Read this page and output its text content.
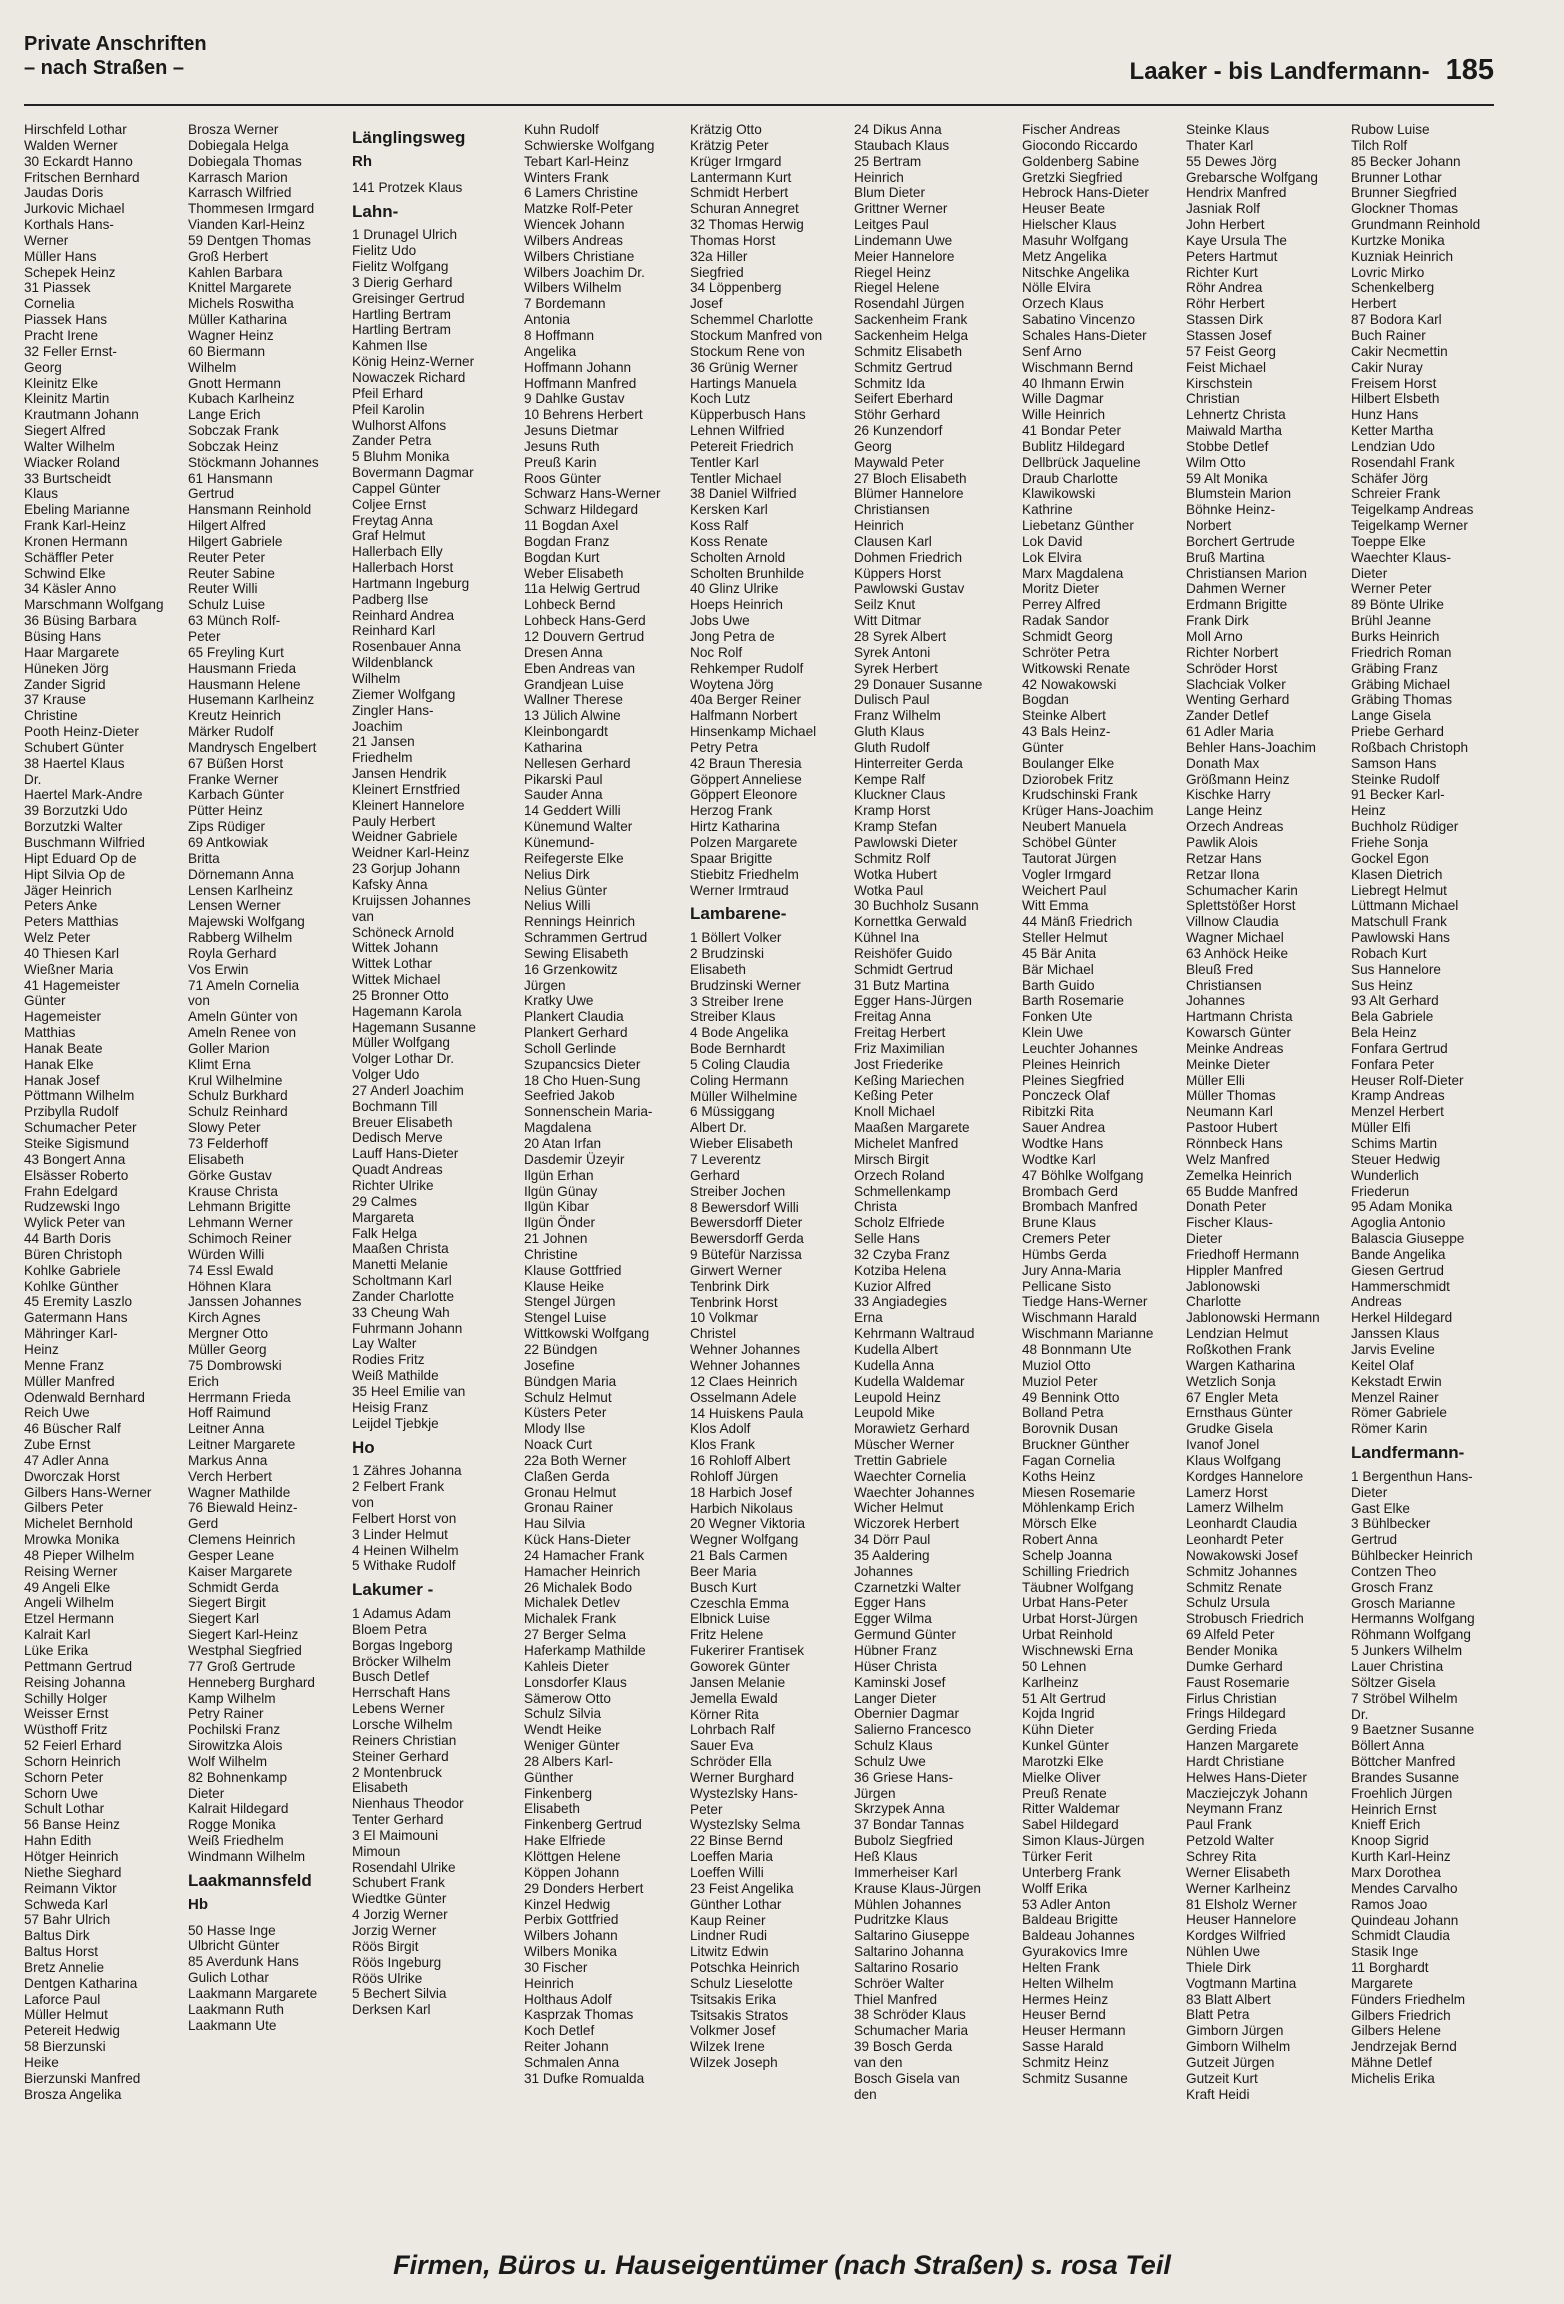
Private Anschriften
– nach Straßen –	Laaker - bis Landfermann- 185
Hirschfeld Lothar
Walden Werner
30 Eckardt Hanno
Fritschen Bernhard
Jaudas Doris
Jurkovic Michael
Korthals Hans-
Werner
Müller Hans
Schepek Heinz
31 Piassek
Cornelia
Piassek Hans
Pracht Irene
32 Feller Ernst-
Georg
Kleinitz Elke
Kleinitz Martin
Krautmann Johann
Siegert Alfred
Walter Wilhelm
Wiacker Roland
33 Burtscheidt
Klaus
Ebeling Marianne
Frank Karl-Heinz
Kronen Hermann
Schäffler Peter
Schwind Elke
34 Käsler Anno
Marschmann Wolfgang
36 Büsing Barbara
Büsing Hans
Haar Margarete
Hüneken Jörg
Zander Sigrid
37 Krause
Christine
Pooth Heinz-Dieter
Schubert Günter
38 Haertel Klaus
Dr.
Haertel Mark-Andre
39 Borzutzki Udo
Borzutzki Walter
Buschmann Wilfried
Hipt Eduard Op de
Hipt Silvia Op de
Jäger Heinrich
Peters Anke
Peters Matthias
Welz Peter
40 Thiesen Karl
Wießner Maria
41 Hagemeister
Günter
Hagemeister
Matthias
Hanak Beate
Hanak Elke
Hanak Josef
Pöttmann Wilhelm
Przibylla Rudolf
Schumacher Peter
Steike Sigismund
43 Bongert Anna
Elsässer Roberto
Frahn Edelgard
Rudzewski Ingo
Wylick Peter van
44 Barth Doris
Büren Christoph
Kohlke Gabriele
Kohlke Günther
45 Eremity Laszlo
Gatermann Hans
Mähringer Karl-
Heinz
Menne Franz
Müller Manfred
Odenwald Bernhard
Reich Uwe
46 Büscher Ralf
Zube Ernst
47 Adler Anna
Dworczak Horst
Gilbers Hans-Werner
Gilbers Peter
Michelet Bernhold
Mrowka Monika
48 Pieper Wilhelm
Reising Werner
49 Angeli Elke
Angeli Wilhelm
Etzel Hermann
Kalrait Karl
Lüke Erika
Pettmann Gertrud
Reising Johanna
Schilly Holger
Weisser Ernst
Wüsthoff Fritz
52 Feierl Erhard
Schorn Heinrich
Schorn Peter
Schorn Uwe
Schult Lothar
56 Banse Heinz
Hahn Edith
Hötger Heinrich
Niethe Sieghard
Reimann Viktor
Schweda Karl
57 Bahr Ulrich
Baltus Dirk
Baltus Horst
Bretz Annelie
Dentgen Katharina
Laforce Paul
Müller Helmut
Petereit Hedwig
58 Bierzunski
Heike
Bierzunski Manfred
Brosza Angelika
Brosza Werner
Dobiegala Helga
Dobiegala Thomas
Karrasch Marion
Karrasch Wilfried
Thommesen Irmgard
Vianden Karl-Heinz
59 Dentgen Thomas
Groß Herbert
Kahlen Barbara
Knittel Margarete
Michels Roswitha
Müller Katharina
Wagner Heinz
60 Biermann
Wilhelm
Gnott Hermann
Kubach Karlheinz
Lange Erich
Sobczak Frank
Sobczak Heinz
Stöckmann Johannes
61 Hansmann
Gertrud
Hansmann Reinhold
Hilgert Alfred
Hilgert Gabriele
Reuter Peter
Reuter Sabine
Reuter Willi
Schulz Luise
63 Münch Rolf-
Peter
65 Freyling Kurt
Hausmann Frieda
Hausmann Helene
Husemann Karlheinz
Kreutz Heinrich
Märker Rudolf
Mandrysch Engelbert
67 Büßen Horst
Franke Werner
Karbach Günter
Pütter Heinz
Zips Rüdiger
69 Antkowiak
Britta
Dörnemann Anna
Lensen Karlheinz
Lensen Werner
Majewski Wolfgang
Rabberg Wilhelm
Royla Gerhard
Vos Erwin
71 Ameln Cornelia
von
Ameln Günter von
Ameln Renee von
Goller Marion
Klimt Erna
Krul Wilhelmine
Schulz Burkhard
Schulz Reinhard
Slowy Peter
73 Felderhoff
Elisabeth
Görke Gustav
Krause Christa
Lehmann Brigitte
Lehmann Werner
Schimoch Reiner
Würden Willi
74 Essl Ewald
Höhnen Klara
Janssen Johannes
Kirch Agnes
Mergner Otto
Müller Georg
75 Dombrowski
Erich
Herrmann Frieda
Hoff Raimund
Leitner Anna
Leitner Margarete
Markus Anna
Verch Herbert
Wagner Mathilde
76 Biewald Heinz-
Gerd
Clemens Heinrich
Gesper Leane
Kaiser Margarete
Schmidt Gerda
Siegert Birgit
Siegert Karl
Siegert Karl-Heinz
Westphal Siegfried
77 Groß Gertrude
Henneberg Burghard
Kamp Wilhelm
Petry Rainer
Pochilski Franz
Sirowitzka Alois
Wolf Wilhelm
82 Bohnenkamp
Dieter
Kalrait Hildegard
Rogge Monika
Weiß Friedhelm
Windmann Wilhelm
Laakmannsfeld
Hb
50 Hasse Inge
Ulbricht Günter
85 Averdunk Hans
Gulich Lothar
Laakmann Margarete
Laakmann Ruth
Laakmann Ute
Länglingsweg
Rh
141 Protzek Klaus
Lahn-
1 Drunagel Ulrich
Fielitz Udo
Fielitz Wolfgang
3 Dierig Gerhard
Greisinger Gertrud
Hartling Bertram
Hartling Bertram
Kahmen Ilse
König Heinz-Werner
Nowaczek Richard
Pfeil Erhard
Pfeil Karolin
Wulhorst Alfons
Zander Petra
5 Bluhm Monika
Bovermann Dagmar
Cappel Günter
Coljee Ernst
Freytag Anna
Graf Helmut
Hallerbach Elly
Hallerbach Horst
Hartmann Ingeburg
Padberg Ilse
Reinhard Andrea
Reinhard Karl
Rosenbauer Anna
Wildenblanck
Wilhelm
Ziemer Wolfgang
Zingler Hans-
Joachim
21 Jansen
Friedhelm
Jansen Hendrik
Kleinert Ernstfried
Kleinert Hannelore
Pauly Herbert
Weidner Gabriele
Weidner Karl-Heinz
23 Gorjup Johann
Kafsky Anna
Kruijssen Johannes
van
Schöneck Arnold
Wittek Johann
Wittek Lothar
Wittek Michael
25 Bronner Otto
Hagemann Karola
Hagemann Susanne
Müller Wolfgang
Volger Lothar Dr.
Volger Udo
27 Anderl Joachim
Bochmann Till
Breuer Elisabeth
Dedisch Merve
Lauff Hans-Dieter
Quadt Andreas
Richter Ulrike
29 Calmes
Margareta
Falk Helga
Maaßen Christa
Manetti Melanie
Scholtmann Karl
Zander Charlotte
33 Cheung Wah
Fuhrmann Johann
Lay Walter
Rodies Fritz
Weiß Mathilde
35 Heel Emilie van
Heisig Franz
Leijdel Tjebkje
Ho
1 Zähres Johanna
2 Felbert Frank
von
Felbert Horst von
3 Linder Helmut
4 Heinen Wilhelm
5 Withake Rudolf
Lakumer -
1 Adamus Adam
Bloem Petra
Borgas Ingeborg
Bröcker Wilhelm
Busch Detlef
Herrschaft Hans
Lebens Werner
Lorsche Wilhelm
Reiners Christian
Steiner Gerhard
2 Montenbruck
Elisabeth
Nienhaus Theodor
Tenter Gerhard
3 El Maimouni
Mimoun
Rosendahl Ulrike
Schubert Frank
Wiedtke Günter
4 Jorzig Werner
Jorzig Werner
Röös Birgit
Röös Ingeburg
Röös Ulrike
5 Bechert Silvia
Derksen Karl
Kuhn Rudolf
Schwierske Wolfgang
Tebart Karl-Heinz
Winters Frank
6 Lamers Christine
Matzke Rolf-Peter
Wiencek Johann
Wilbers Andreas
Wilbers Christiane
Wilbers Joachim Dr.
Wilbers Wilhelm
7 Bordemann
Antonia
8 Hoffmann
Angelika
Hoffmann Johann
Hoffmann Manfred
9 Dahlke Gustav
10 Behrens Herbert
Jesuns Dietmar
Jesuns Ruth
Preuß Karin
Roos Günter
Schwarz Hans-Werner
Schwarz Hildegard
11 Bogdan Axel
Bogdan Franz
Bogdan Kurt
Weber Elisabeth
11a Helwig Gertrud
Lohbeck Bernd
Lohbeck Hans-Gerd
12 Douvern Gertrud
Dresen Anna
Eben Andreas van
Grandjean Luise
Wallner Therese
13 Jülich Alwine
Kleinbongardt
Katharina
Nellesen Gerhard
Pikarski Paul
Sauder Anna
14 Geddert Willi
Künemund Walter
Künemund-
Reifegerste Elke
Nelius Dirk
Nelius Günter
Nelius Willi
Rennings Heinrich
Schrammen Gertrud
Sewing Elisabeth
16 Grzenkowitz
Jürgen
Kratky Uwe
Plankert Claudia
Plankert Gerhard
Scholl Gerlinde
Szupancsics Dieter
18 Cho Huen-Sung
Seefried Jakob
Sonnenschein Maria-
Magdalena
20 Atan Irfan
Dasdemir Üzeyir
Ilgün Erhan
Ilgün Günay
Ilgün Kibar
Ilgün Önder
21 Johnen
Christine
Klause Gottfried
Klause Heike
Stengel Jürgen
Stengel Luise
Wittkowski Wolfgang
22 Bündgen
Josefine
Bündgen Maria
Schulz Helmut
Küsters Peter
Mlody Ilse
Noack Curt
22a Both Werner
Claßen Gerda
Gronau Helmut
Gronau Rainer
Hau Silvia
Kück Hans-Dieter
24 Hamacher Frank
Hamacher Heinrich
26 Michalek Bodo
Michalek Detlev
Michalek Frank
27 Berger Selma
Haferkamp Mathilde
Kahleis Dieter
Lonsdorfer Klaus
Sämerow Otto
Schulz Silvia
Wendt Heike
Weniger Günter
28 Albers Karl-
Günther
Finkenberg
Elisabeth
Finkenberg Gertrud
Hake Elfriede
Klöttgen Helene
Köppen Johann
29 Donders Herbert
Kinzel Hedwig
Perbix Gottfried
Wilbers Johann
Wilbers Monika
30 Fischer
Heinrich
Holthaus Adolf
Kasprzak Thomas
Koch Detlef
Reiter Johann
Schmalen Anna
31 Dufke Romualda
Krätzig Otto
Krätzig Peter
Krüger Irmgard
Lantermann Kurt
Schmidt Herbert
Schuran Annegret
32 Thomas Herwig
Thomas Horst
32a Hiller
Siegfried
34 Löppenberg
Josef
Schemmel Charlotte
Stockum Manfred von
Stockum Rene von
36 Grünig Werner
Hartings Manuela
Koch Lutz
Küpperbusch Hans
Lehnen Wilfried
Petereit Friedrich
Tentler Karl
Tentler Michael
38 Daniel Wilfried
Kersken Karl
Koss Ralf
Koss Renate
Scholten Arnold
Scholten Brunhilde
40 Glinz Ulrike
Hoeps Heinrich
Jobs Uwe
Jong Petra de
Noc Rolf
Rehkemper Rudolf
Woytena Jörg
40a Berger Reiner
Halfmann Norbert
Hinsenkamp Michael
Petry Petra
42 Braun Theresia
Göppert Anneliese
Göppert Eleonore
Herzog Frank
Hirtz Katharina
Polzen Margarete
Spaar Brigitte
Stiebitz Friedhelm
Werner Irmtraud
Lambarene-
1 Böllert Volker
2 Brudzinski
Elisabeth
Brudzinski Werner
3 Streiber Irene
Streiber Klaus
4 Bode Angelika
Bode Bernhardt
5 Coling Claudia
Coling Hermann
Müller Wilhelmine
6 Müssiggang
Albert Dr.
Wieber Elisabeth
7 Leverentz
Gerhard
Streiber Jochen
8 Bewersdorf Willi
Bewersdorff Dieter
Bewersdorff Gerda
9 Bütefür Narzissa
Girwert Werner
Tenbrink Dirk
Tenbrink Horst
10 Volkmar
Christel
Wehner Johannes
Wehner Johannes
12 Claes Heinrich
Osselmann Adele
14 Huiskens Paula
Klos Adolf
Klos Frank
16 Rohloff Albert
Rohloff Jürgen
18 Harbich Josef
Harbich Nikolaus
20 Wegner Viktoria
Wegner Wolfgang
21 Bals Carmen
Beer Maria
Busch Kurt
Czeschla Emma
Elbnick Luise
Fritz Helene
Fukerirer Frantisek
Goworek Günter
Jansen Melanie
Jemella Ewald
Körner Rita
Lohrbach Ralf
Sauer Eva
Schröder Ella
Werner Burghard
Wystezlsky Hans-
Peter
Wystezlsky Selma
22 Binse Bernd
Loeffen Maria
Loeffen Willi
23 Feist Angelika
Günther Lothar
Kaup Reiner
Lindner Rudi
Litwitz Edwin
Potschka Heinrich
Schulz Lieselotte
Tsitsakis Erika
Tsitsakis Stratos
Volkmer Josef
Wilzek Irene
Wilzek Joseph
24 Dikus Anna
Staubach Klaus
25 Bertram
Heinrich
Blum Dieter
Grittner Werner
Leitges Paul
Lindemann Uwe
Meier Hannelore
Riegel Heinz
Riegel Helene
Rosendahl Jürgen
Sackenheim Frank
Sackenheim Helga
Schmitz Elisabeth
Schmitz Gertrud
Schmitz Ida
Seifert Eberhard
Stöhr Gerhard
26 Kunzendorf
Georg
Maywald Peter
27 Bloch Elisabeth
Blümer Hannelore
Christiansen
Heinrich
Clausen Karl
Dohmen Friedrich
Küppers Horst
Pawlowski Gustav
Seilz Knut
Witt Ditmar
28 Syrek Albert
Syrek Antoni
Syrek Herbert
29 Donauer Susanne
Dulisch Paul
Franz Wilhelm
Gluth Klaus
Gluth Rudolf
Hinterreiter Gerda
Kempe Ralf
Kluckner Claus
Kramp Horst
Kramp Stefan
Pawlowski Dieter
Schmitz Rolf
Wotka Hubert
Wotka Paul
30 Buchholz Susann
Kornettka Gerwald
Kühnel Ina
Reishöfer Guido
Schmidt Gertrud
31 Butz Martina
Egger Hans-Jürgen
Freitag Anna
Freitag Herbert
Friz Maximilian
Jost Friederike
Keßing Mariechen
Keßing Peter
Knoll Michael
Maaßen Margarete
Michelet Manfred
Mirsch Birgit
Orzech Roland
Schmellenkamp
Christa
Scholz Elfriede
Selle Hans
32 Czyba Franz
Kotziba Helena
Kuzior Alfred
33 Angiadegies
Erna
Kehrmann Waltraud
Kudella Albert
Kudella Anna
Kudella Waldemar
Leupold Heinz
Leupold Mike
Morawietz Gerhard
Müscher Werner
Trettin Gabriele
Waechter Cornelia
Waechter Johannes
Wicher Helmut
Wiczorek Herbert
34 Dörr Paul
35 Aaldering
Johannes
Czarnetzki Walter
Egger Hans
Egger Wilma
Germund Günter
Hübner Franz
Hüser Christa
Kaminski Josef
Langer Dieter
Obernier Dagmar
Salierno Francesco
Schulz Klaus
Schulz Uwe
36 Griese Hans-
Jürgen
Skrzypek Anna
37 Bondar Tannas
Bubolz Siegfried
Heß Klaus
Immerheiser Karl
Krause Klaus-Jürgen
Mühlen Johannes
Pudritzke Klaus
Saltarino Giuseppe
Saltarino Johanna
Saltarino Rosario
Schröer Walter
Thiel Manfred
38 Schröder Klaus
Schumacher Maria
39 Bosch Gerda
van den
Bosch Gisela van
den
Fischer Andreas
Giocondo Riccardo
Goldenberg Sabine
Gretzki Siegfried
Hebrock Hans-Dieter
Heuser Beate
Hielscher Klaus
Masuhr Wolfgang
Metz Angelika
Nitschke Angelika
Nölle Elvira
Orzech Klaus
Sabatino Vincenzo
Schales Hans-Dieter
Senf Arno
Wischmann Bernd
40 Ihmann Erwin
Wille Dagmar
Wille Heinrich
41 Bondar Peter
Bublitz Hildegard
Dellbrück Jaqueline
Draub Charlotte
Klawikowski
Kathrine
Liebetanz Günther
Lok David
Lok Elvira
Marx Magdalena
Moritz Dieter
Perrey Alfred
Radak Sandor
Schmidt Georg
Schröter Petra
Witkowski Renate
42 Nowakowski
Bogdan
Steinke Albert
43 Bals Heinz-
Günter
Boulanger Elke
Dziorobek Fritz
Krudschinski Frank
Krüger Hans-Joachim
Neubert Manuela
Schöbel Günter
Tautorat Jürgen
Vogler Irmgard
Weichert Paul
Witt Emma
44 Mänß Friedrich
Steller Helmut
45 Bär Anita
Bär Michael
Barth Guido
Barth Rosemarie
Fonken Ute
Klein Uwe
Leuchter Johannes
Pleines Heinrich
Pleines Siegfried
Ponczeck Olaf
Ribitzki Rita
Sauer Andrea
Wodtke Hans
Wodtke Karl
47 Böhlke Wolfgang
Brombach Gerd
Brombach Manfred
Brune Klaus
Cremers Peter
Hümbs Gerda
Jury Anna-Maria
Pellicane Sisto
Tiedge Hans-Werner
Wischmann Harald
Wischmann Marianne
48 Bonnmann Ute
Muziol Otto
Muziol Peter
49 Bennink Otto
Bolland Petra
Borovnik Dusan
Bruckner Günther
Fagan Cornelia
Koths Heinz
Miesen Rosemarie
Möhlenkamp Erich
Mörsch Elke
Robert Anna
Schelp Joanna
Schilling Friedrich
Täubner Wolfgang
Urbat Hans-Peter
Urbat Horst-Jürgen
Urbat Reinhold
Wischnewski Erna
50 Lehnen
Karlheinz
51 Alt Gertrud
Kojda Ingrid
Kühn Dieter
Kunkel Günter
Marotzki Elke
Mielke Oliver
Preuß Renate
Ritter Waldemar
Sabel Hildegard
Simon Klaus-Jürgen
Türker Ferit
Unterberg Frank
Wolff Erika
53 Adler Anton
Baldeau Brigitte
Baldeau Johannes
Gyurakovics Imre
Helten Frank
Helten Wilhelm
Hermes Heinz
Heuser Bernd
Heuser Hermann
Sasse Harald
Schmitz Heinz
Schmitz Susanne
Steinke Klaus
Thater Karl
55 Dewes Jörg
Grebarsche Wolfgang
Hendrix Manfred
Jasniak Rolf
John Herbert
Kaye Ursula The
Peters Hartmut
Richter Kurt
Röhr Andrea
Röhr Herbert
Stassen Dirk
Stassen Josef
57 Feist Georg
Feist Michael
Kirschstein
Christian
Lehnertz Christa
Maiwald Martha
Stobbe Detlef
Wilm Otto
59 Alt Monika
Blumstein Marion
Böhnke Heinz-
Norbert
Borchert Gertrude
Bruß Martina
Christiansen Marion
Dahmen Werner
Erdmann Brigitte
Frank Dirk
Moll Arno
Richter Norbert
Schröder Horst
Slachciak Volker
Wenting Gerhard
Zander Detlef
61 Adler Maria
Behler Hans-Joachim
Donath Max
Größmann Heinz
Kischke Harry
Lange Heinz
Orzech Andreas
Pawlik Alois
Retzar Hans
Retzar Ilona
Schumacher Karin
Splettstößer Horst
Villnow Claudia
Wagner Michael
63 Anhöck Heike
Bleuß Fred
Christiansen
Johannes
Hartmann Christa
Kowarsch Günter
Meinke Andreas
Meinke Dieter
Müller Elli
Müller Thomas
Neumann Karl
Pastoor Hubert
Rönnbeck Hans
Welz Manfred
Zemelka Heinrich
65 Budde Manfred
Donath Peter
Fischer Klaus-
Dieter
Friedhoff Hermann
Hippler Manfred
Jablonowski
Charlotte
Jablonowski Hermann
Lendzian Helmut
Roßkothen Frank
Wargen Katharina
Wetzlich Sonja
67 Engler Meta
Ernsthaus Günter
Grudke Gisela
Ivanof Jonel
Klaus Wolfgang
Kordges Hannelore
Lamerz Horst
Lamerz Wilhelm
Leonhardt Claudia
Leonhardt Peter
Nowakowski Josef
Schmitz Johannes
Schmitz Renate
Schulz Ursula
Strobusch Friedrich
69 Alfeld Peter
Bender Monika
Dumke Gerhard
Faust Rosemarie
Firlus Christian
Frings Hildegard
Gerding Frieda
Hanzen Margarete
Hardt Christiane
Helwes Hans-Dieter
Macziejczyk Johann
Neymann Franz
Paul Frank
Petzold Walter
Schrey Rita
Werner Elisabeth
Werner Karlheinz
81 Elsholz Werner
Heuser Hannelore
Kordges Wilfried
Nühlen Uwe
Thiele Dirk
Vogtmann Martina
83 Blatt Albert
Blatt Petra
Gimborn Jürgen
Gimborn Wilhelm
Gutzeit Jürgen
Gutzeit Kurt
Kraft Heidi
Rubow Luise
Tilch Rolf
85 Becker Johann
Brunner Lothar
Brunner Siegfried
Glockner Thomas
Grundmann Reinhold
Kurtzke Monika
Kuzniak Heinrich
Lovric Mirko
Schenkelberg
Herbert
87 Bodora Karl
Buch Rainer
Cakir Necmettin
Cakir Nuray
Freisem Horst
Hilbert Elsbeth
Hunz Hans
Ketter Martha
Lendzian Udo
Rosendahl Frank
Schäfer Jörg
Schreier Frank
Teigelkamp Andreas
Teigelkamp Werner
Toeppe Elke
Waechter Klaus-
Dieter
Werner Peter
89 Bönte Ulrike
Brühl Jeanne
Burks Heinrich
Friedrich Roman
Gräbing Franz
Gräbing Michael
Gräbing Thomas
Lange Gisela
Priebe Gerhard
Roßbach Christoph
Samson Hans
Steinke Rudolf
91 Becker Karl-
Heinz
Buchholz Rüdiger
Friehe Sonja
Gockel Egon
Klasen Dietrich
Liebregt Helmut
Lüttmann Michael
Matschull Frank
Pawlowski Hans
Robach Kurt
Sus Hannelore
Sus Heinz
93 Alt Gerhard
Bela Gabriele
Bela Heinz
Fonfara Gertrud
Fonfara Peter
Heuser Rolf-Dieter
Kramp Andreas
Menzel Herbert
Müller Elfi
Schims Martin
Steuer Hedwig
Wunderlich
Friederun
95 Adam Monika
Agoglia Antonio
Balascia Giuseppe
Bande Angelika
Giesen Gertrud
Hammerschmidt
Andreas
Herkel Hildegard
Janssen Klaus
Jarvis Eveline
Keitel Olaf
Kekstadt Erwin
Menzel Rainer
Römer Gabriele
Römer Karin
Landfermann-
1 Bergenthun Hans-
Dieter
Gast Elke
3 Bühlbecker
Gertrud
Bühlbecker Heinrich
Contzen Theo
Grosch Franz
Grosch Marianne
Hermanns Wolfgang
Röhmann Wolfgang
5 Junkers Wilhelm
Lauer Christina
Söltzer Gisela
7 Ströbel Wilhelm
Dr.
9 Baetzner Susanne
Böllert Anna
Böttcher Manfred
Brandes Susanne
Froehlich Jürgen
Heinrich Ernst
Knieff Erich
Knoop Sigrid
Kurth Karl-Heinz
Marx Dorothea
Mendes Carvalho
Ramos Joao
Quindeau Johann
Schmidt Claudia
Stasik Inge
11 Borghardt
Margarete
Fünders Friedhelm
Gilbers Friedrich
Gilbers Helene
Jendrzejak Bernd
Mähne Detlef
Michelis Erika
Firmen, Büros u. Hauseigentümer (nach Straßen) s. rosa Teil
